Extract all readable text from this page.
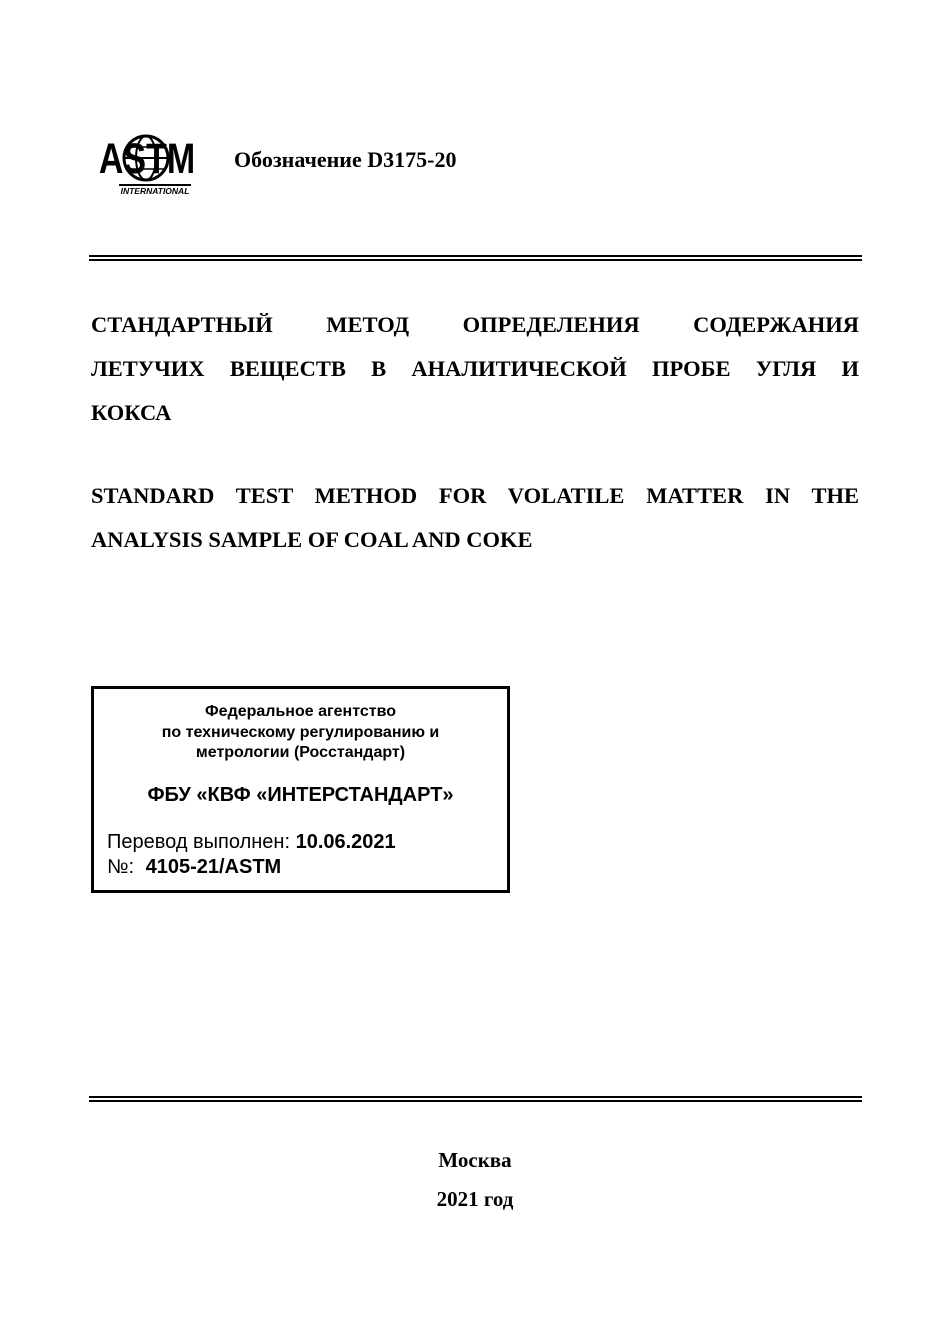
ASTM
INTERNATIONAL
Обозначение D3175-20
СТАНДАРТНЫЙ МЕТОД ОПРЕДЕЛЕНИЯ СОДЕРЖАНИЯ
ЛЕТУЧИХ ВЕЩЕСТВ В АНАЛИТИЧЕСКОЙ ПРОБЕ УГЛЯ И
КОКСА
STANDARD TEST METHOD FOR VOLATILE MATTER IN THE
ANALYSIS SAMPLE OF COAL AND COKE
Федеральное агентство
по техническому регулированию и
метрологии (Росстандарт)
ФБУ «КВФ «ИНТЕРСТАНДАРТ»
Перевод выполнен: 10.06.2021
№: 4105-21/ASTM
Москва
2021 год
